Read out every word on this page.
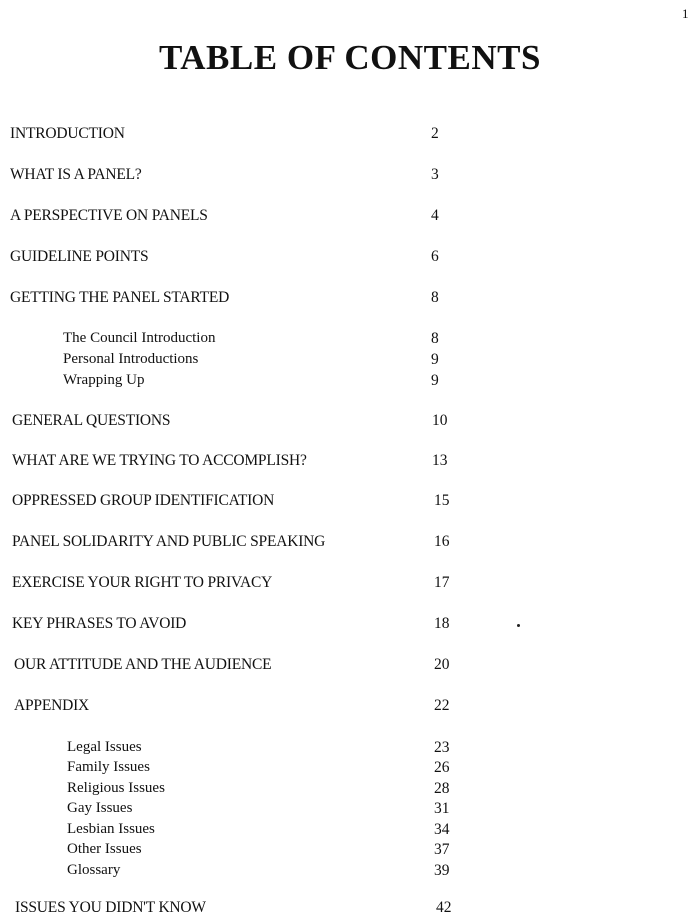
1
TABLE OF CONTENTS
INTRODUCTION	2
WHAT IS A PANEL?	3
A PERSPECTIVE ON PANELS	4
GUIDELINE POINTS	6
GETTING THE PANEL STARTED	8
The Council Introduction	8
Personal Introductions	9
Wrapping Up	9
GENERAL QUESTIONS	10
WHAT ARE WE TRYING TO ACCOMPLISH?	13
OPPRESSED GROUP IDENTIFICATION	15
PANEL SOLIDARITY AND PUBLIC SPEAKING	16
EXERCISE YOUR RIGHT TO PRIVACY	17
KEY PHRASES TO AVOID	18
OUR ATTITUDE AND THE AUDIENCE	20
APPENDIX	22
Legal Issues	23
Family Issues	26
Religious Issues	28
Gay Issues	31
Lesbian Issues	34
Other Issues	37
Glossary	39
ISSUES YOU DIDN'T KNOW	42
